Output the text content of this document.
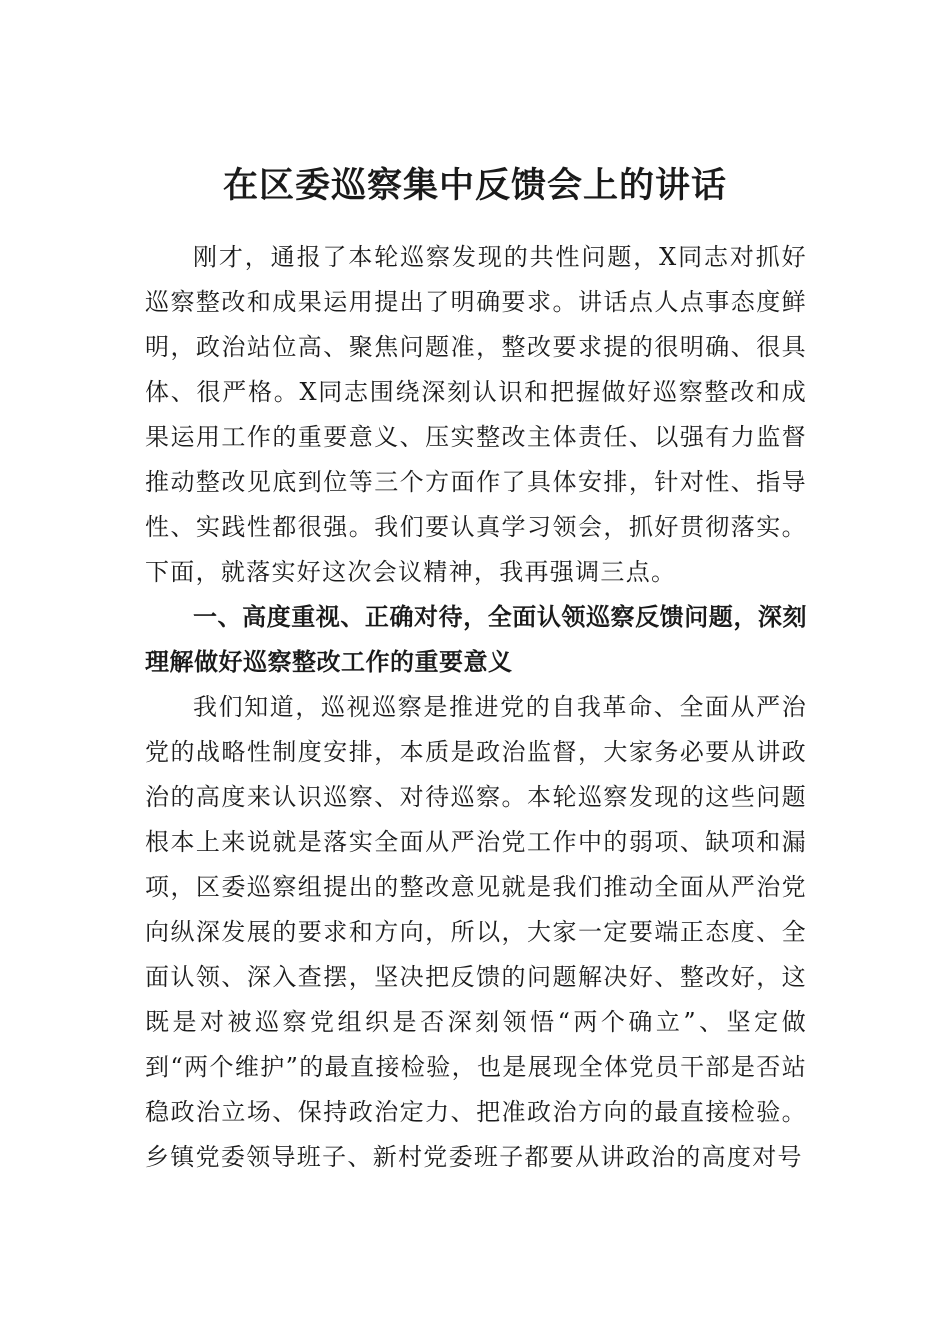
在区委巡察集中反馈会上的讲话

刚才，通报了本轮巡察发现的共性问题，X同志对抓好巡察整改和成果运用提出了明确要求。讲话点人点事态度鲜明，政治站位高、聚焦问题准，整改要求提的很明确、很具体、很严格。X同志围绕深刻认识和把握做好巡察整改和成果运用工作的重要意义、压实整改主体责任、以强有力监督推动整改见底到位等三个方面作了具体安排，针对性、指导性、实践性都很强。我们要认真学习领会，抓好贯彻落实。下面，就落实好这次会议精神，我再强调三点。

一、高度重视、正确对待，全面认领巡察反馈问题，深刻理解做好巡察整改工作的重要意义

我们知道，巡视巡察是推进党的自我革命、全面从严治党的战略性制度安排，本质是政治监督，大家务必要从讲政治的高度来认识巡察、对待巡察。本轮巡察发现的这些问题根本上来说就是落实全面从严治党工作中的弱项、缺项和漏项，区委巡察组提出的整改意见就是我们推动全面从严治党向纵深发展的要求和方向，所以，大家一定要端正态度、全面认领、深入查摆，坚决把反馈的问题解决好、整改好，这既是对被巡察党组织是否深刻领悟“两个确立”、坚定做到“两个维护”的最直接检验，也是展现全体党员干部是否站稳政治立场、保持政治定力、把准政治方向的最直接检验。乡镇党委领导班子、新村党委班子都要从讲政治的高度对号
